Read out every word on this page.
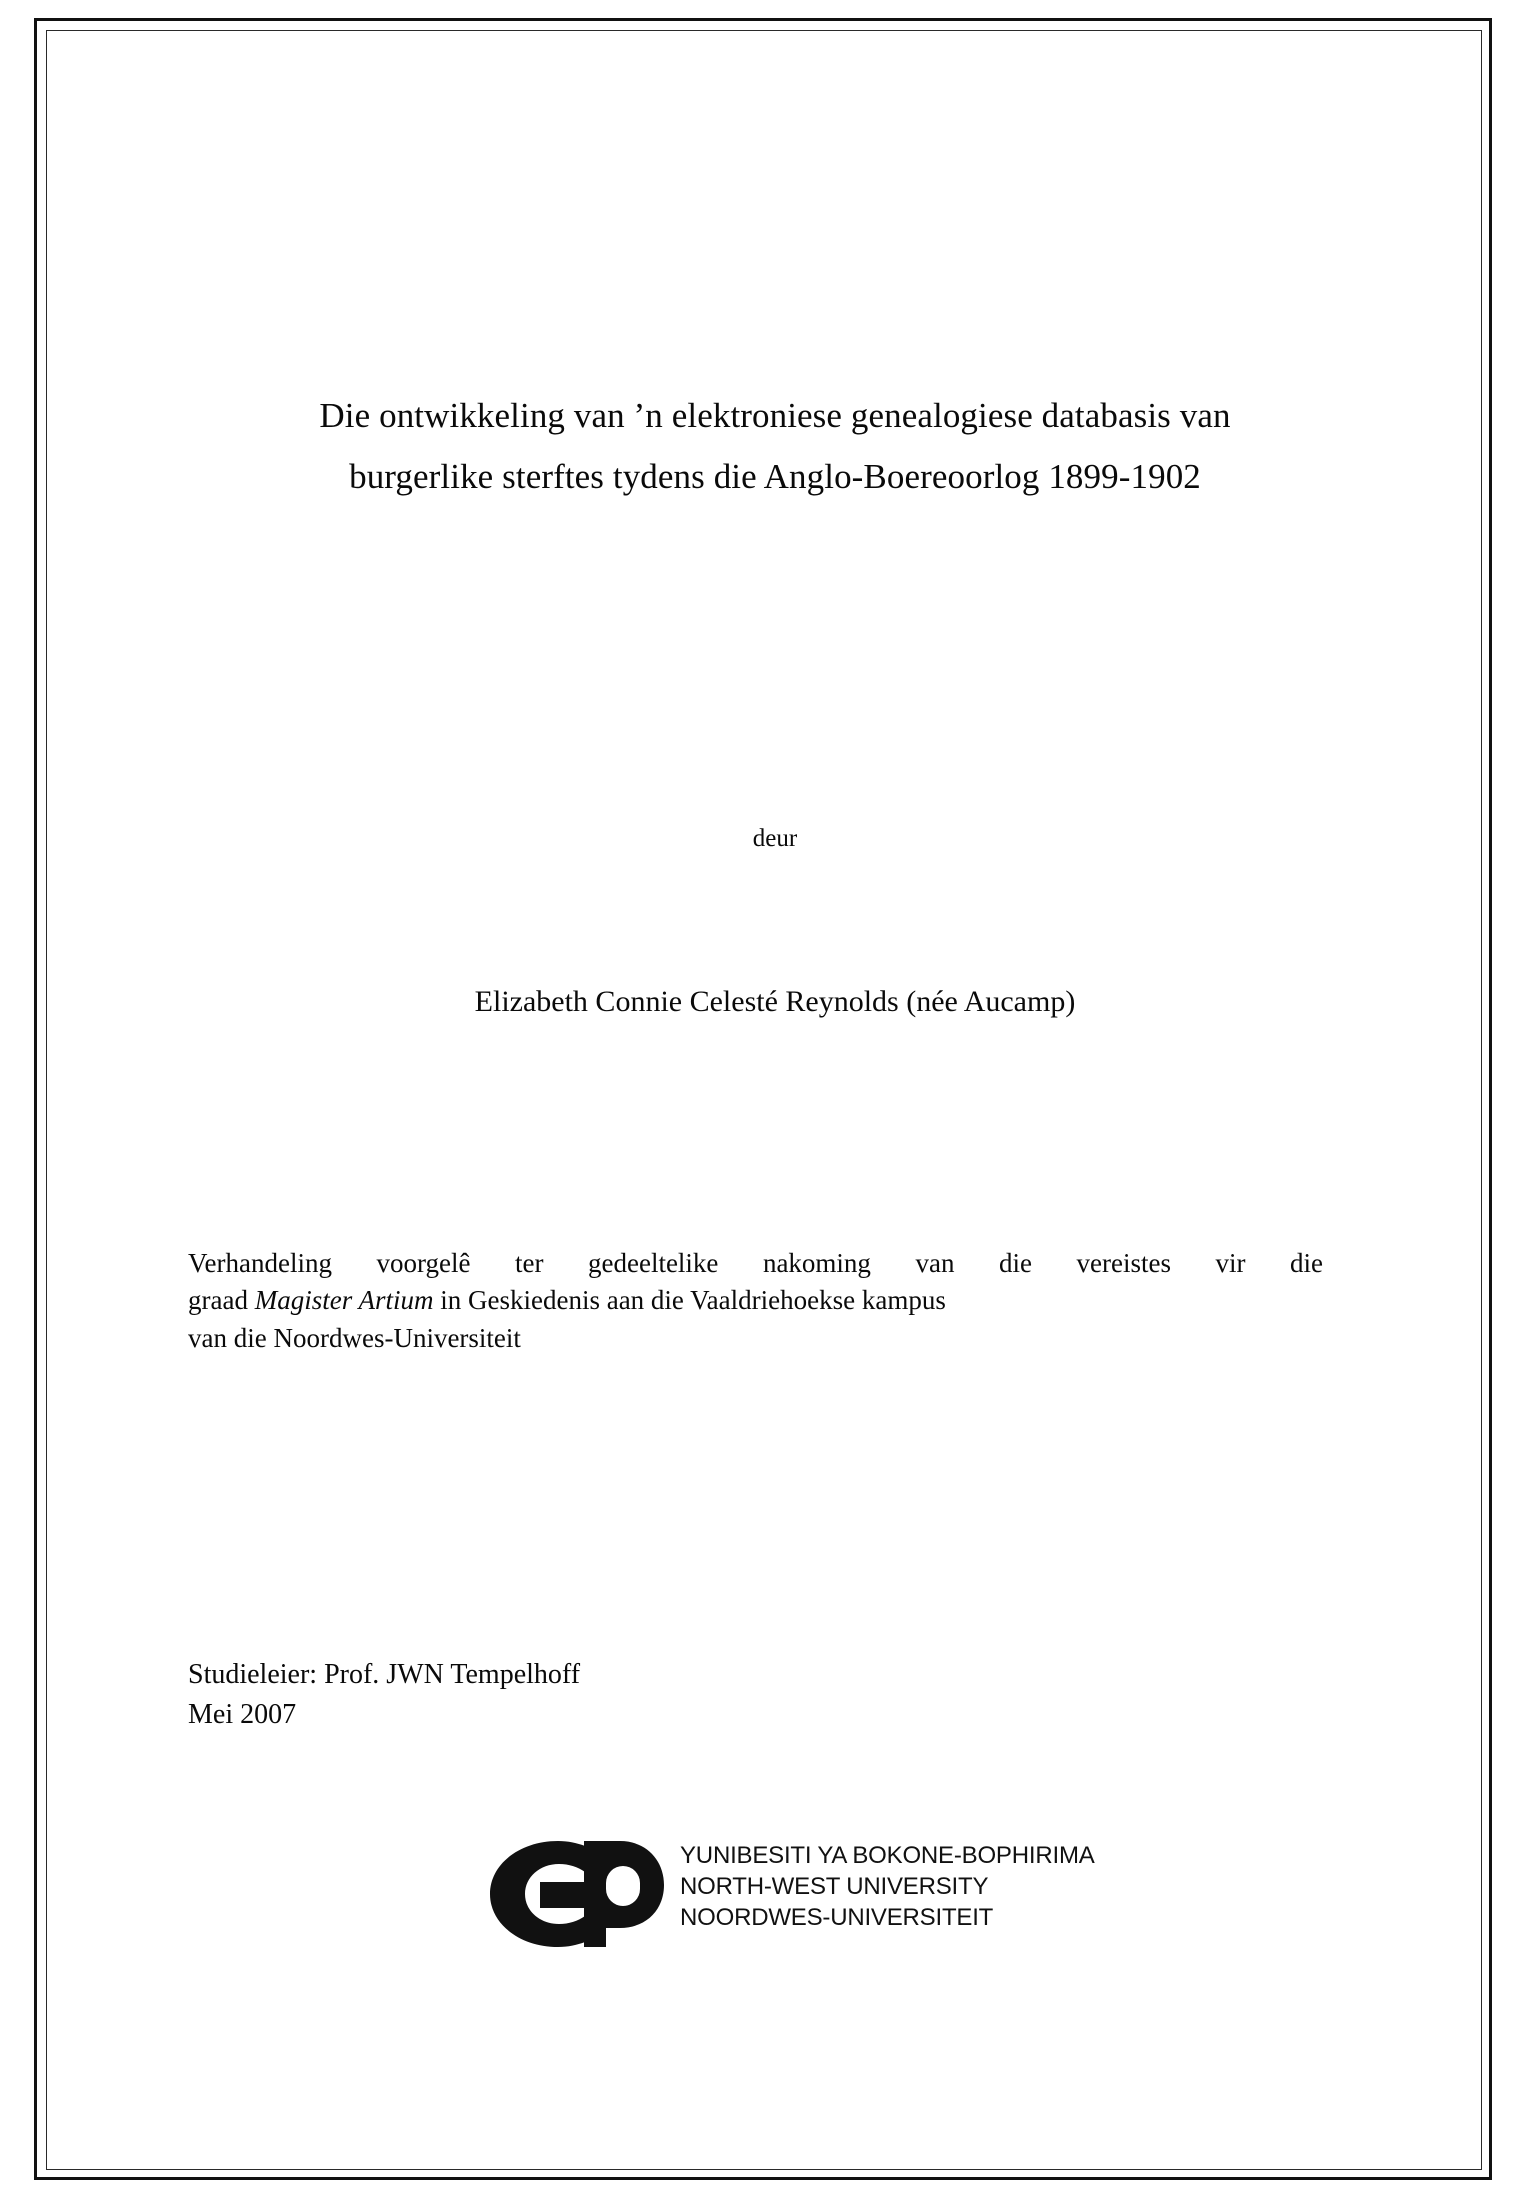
Die ontwikkeling van ’n elektroniese genealogiese databasis van
burgerlike sterftes tydens die Anglo-Boereoorlog 1899-1902
deur
Elizabeth Connie Celesté Reynolds (née Aucamp)
Verhandeling voorgelê ter gedeeltelike nakoming van die vereistes vir die
graad Magister Artium in Geskiedenis aan die Vaaldriehoekse kampus
van die Noordwes-Universiteit
Studieleier: Prof. JWN Tempelhoff
Mei 2007
YUNIBESITI YA BOKONE-BOPHIRIMA
NORTH-WEST UNIVERSITY
NOORDWES-UNIVERSITEIT
